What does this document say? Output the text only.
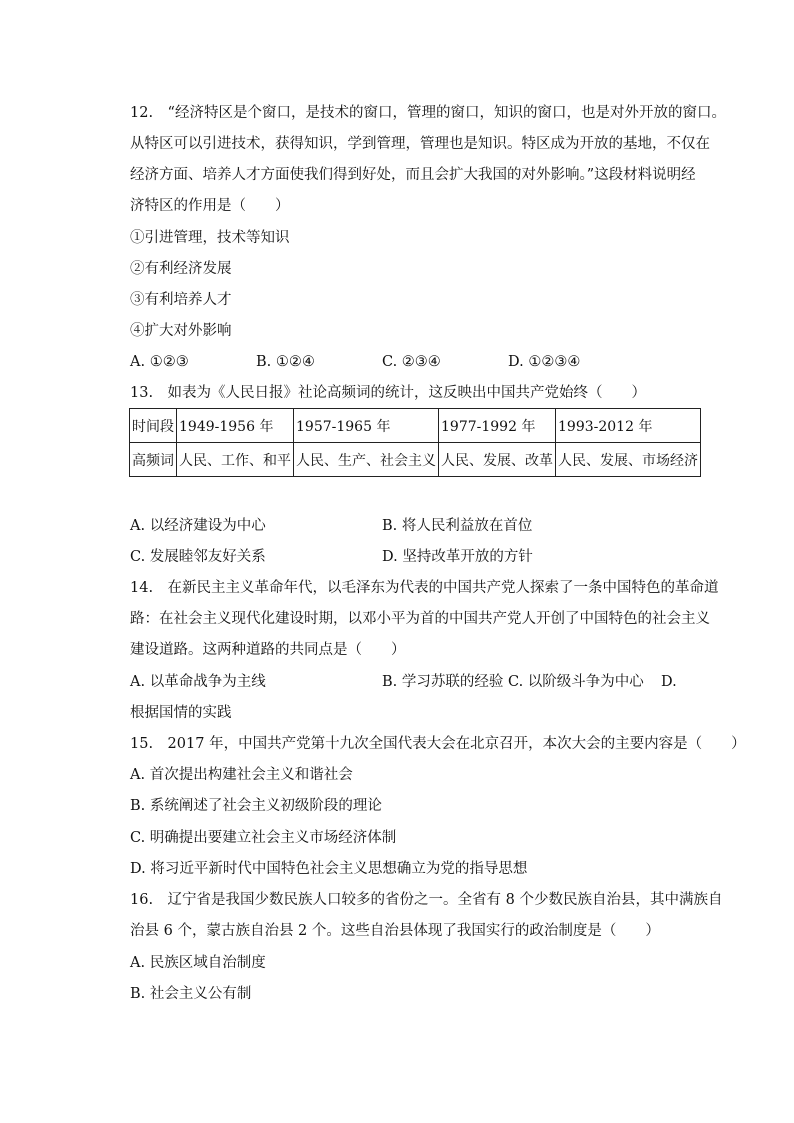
12.　“经济特区是个窗口，是技术的窗口，管理的窗口，知识的窗口，也是对外开放的窗口。
从特区可以引进技术，获得知识，学到管理，管理也是知识。特区成为开放的基地，不仅在
经济方面、培养人才方面使我们得到好处，而且会扩大我国的对外影响。”这段材料说明经
济特区的作用是（　　）
①引进管理，技术等知识
②有利经济发展
③有利培养人才
④扩大对外影响
A. ①②③	B. ①②④	C. ②③④	D. ①②③④
13.　如表为《人民日报》社论高频词的统计，这反映出中国共产党始终（　　）
时间段	1949-1956 年	1957-1965 年	1977-1992 年	1993-2012 年
高频词	人民、工作、和平	人民、生产、社会主义	人民、发展、改革	人民、发展、市场经济
A. 以经济建设为中心	B. 将人民利益放在首位
C. 发展睦邻友好关系	D. 坚持改革开放的方针
14.　在新民主主义革命年代，以毛泽东为代表的中国共产党人探索了一条中国特色的革命道
路：在社会主义现代化建设时期，以邓小平为首的中国共产党人开创了中国特色的社会主义
建设道路。这两种道路的共同点是（　　）
A. 以革命战争为主线	B. 学习苏联的经验 C. 以阶级斗争为中心 D.
根据国情的实践
15.　2017 年，中国共产党第十九次全国代表大会在北京召开，本次大会的主要内容是（　　）
A. 首次提出构建社会主义和谐社会
B. 系统阐述了社会主义初级阶段的理论
C. 明确提出要建立社会主义市场经济体制
D. 将习近平新时代中国特色社会主义思想确立为党的指导思想
16.　辽宁省是我国少数民族人口较多的省份之一。全省有 8 个少数民族自治县，其中满族自
治县 6 个，蒙古族自治县 2 个。这些自治县体现了我国实行的政治制度是（　　）
A. 民族区域自治制度
B. 社会主义公有制
